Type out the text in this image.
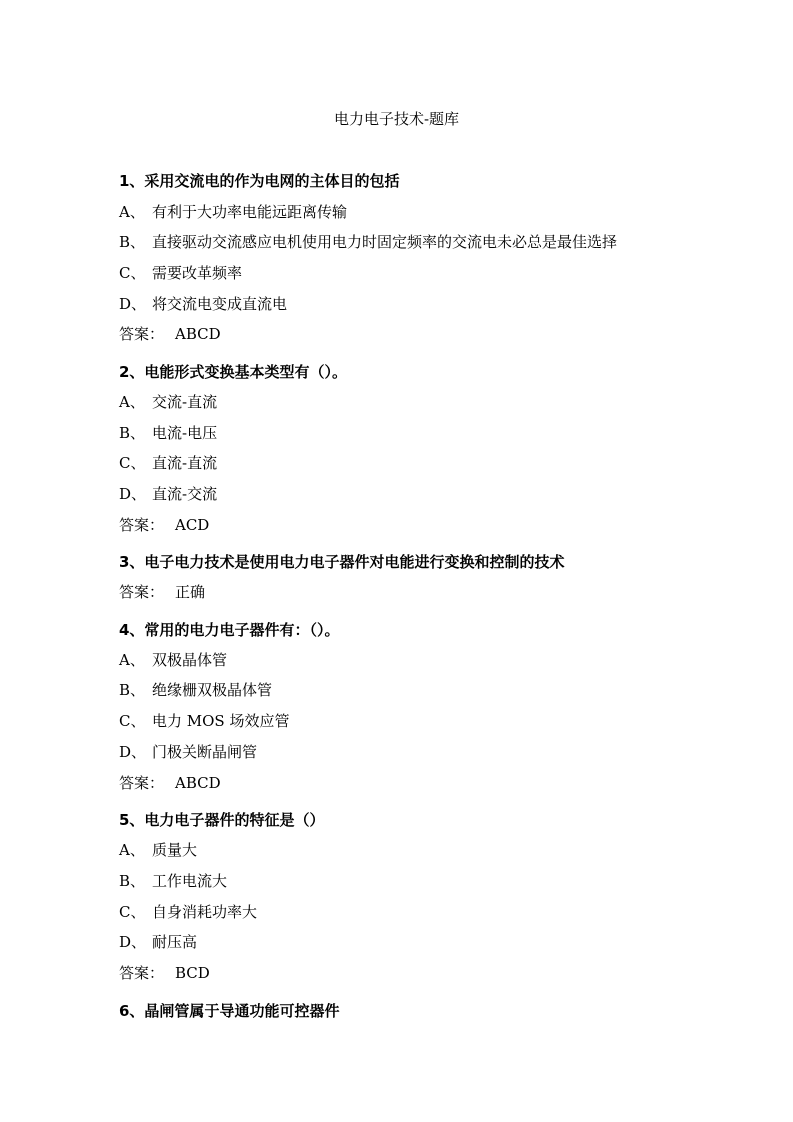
电力电子技术-题库
1、采用交流电的作为电网的主体目的包括
A、 有利于大功率电能远距离传输
B、 直接驱动交流感应电机使用电力时固定频率的交流电未必总是最佳选择
C、 需要改革频率
D、 将交流电变成直流电
答案： ABCD
2、电能形式变换基本类型有（）。
A、 交流-直流
B、 电流-电压
C、 直流-直流
D、 直流-交流
答案： ACD
3、电子电力技术是使用电力电子器件对电能进行变换和控制的技术
答案： 正确
4、常用的电力电子器件有：（）。
A、 双极晶体管
B、 绝缘栅双极晶体管
C、 电力 MOS 场效应管
D、 门极关断晶闸管
答案： ABCD
5、电力电子器件的特征是（）
A、 质量大
B、 工作电流大
C、 自身消耗功率大
D、 耐压高
答案： BCD
6、晶闸管属于导通功能可控器件
